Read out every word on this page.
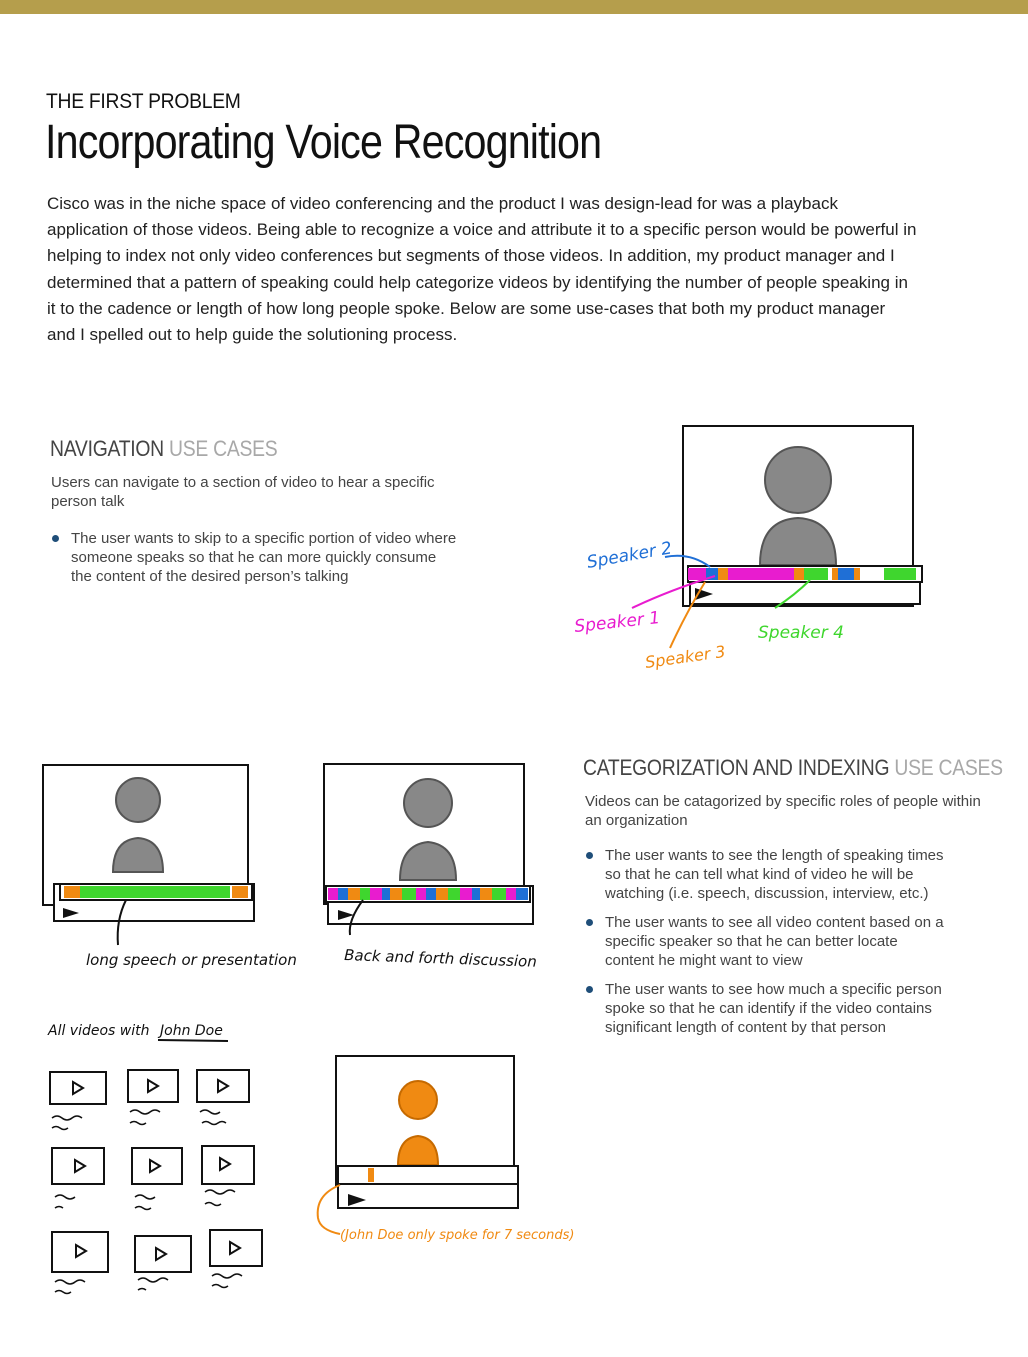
THE FIRST PROBLEM
Incorporating Voice Recognition

Cisco was in the niche space of video conferencing and the product I was design-lead for was a playback application of those videos. Being able to recognize a voice and attribute it to a specific person would be powerful in helping to index not only video conferences but segments of those videos. In addition, my product manager and I determined that a pattern of speaking could help categorize videos by identifying the number of people speaking in it to the cadence or length of how long people spoke. Below are some use-cases that both my product manager and I spelled out to help guide the solutioning process.

NAVIGATION USE CASES

Users can navigate to a section of video to hear a specific person talk

The user wants to skip to a specific portion of video where someone speaks so that he can more quickly consume the content of the desired person’s talking
CATEGORIZATION AND INDEXING USE CASES

Videos can be catagorized by specific roles of people within an organization

The user wants to see the length of speaking times so that he can tell what kind of video he will be watching (i.e. speech, discussion, interview, etc.)
The user wants to see all video content based on a specific speaker so that he can better locate content he might want to view
The user wants to see how much a specific person spoke so that he can identify if the video contains significant length of content by that person
Speaker 2
Speaker 1
Speaker 3
Speaker 4
long speech or presentation	Back and forth discussion
All videos with John Doe
(John Doe only spoke for 7 seconds)
